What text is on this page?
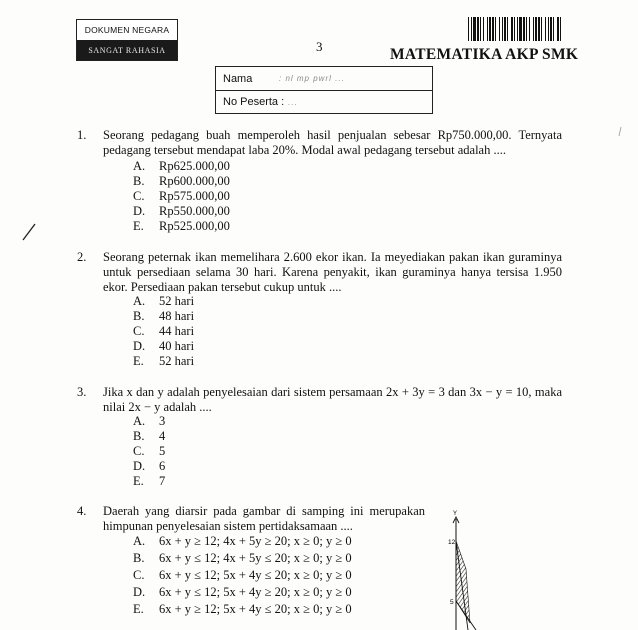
DOKUMEN NEGARA
SANGAT RAHASIA	3	MATEMATIKA AKP SMK
Nama	: nl mp pwrl ...
No Peserta : ...
1. Seorang pedagang buah memperoleh hasil penjualan sebesar Rp750.000,00. Ternyata pedagang tersebut mendapat laba 20%. Modal awal pedagang tersebut adalah ....
A. Rp625.000,00
B. Rp600.000,00
C. Rp575.000,00
D. Rp550.000,00
E. Rp525.000,00
2. Seorang peternak ikan memelihara 2.600 ekor ikan. Ia meyediakan pakan ikan guraminya untuk persediaan selama 30 hari. Karena penyakit, ikan guraminya hanya tersisa 1.950 ekor. Persediaan pakan tersebut cukup untuk ....
A. 52 hari
B. 48 hari
C. 44 hari
D. 40 hari
E. 52 hari
3. Jika x dan y adalah penyelesaian dari sistem persamaan 2x + 3y = 3 dan 3x − y = 10, maka nilai 2x − y adalah ....
A. 3
B. 4
C. 5
D. 6
E. 7
4. Daerah yang diarsir pada gambar di samping ini merupakan himpunan penyelesaian sistem pertidaksamaan ....
A. 6x + y ≥ 12; 4x + 5y ≥ 20; x ≥ 0; y ≥ 0
B. 6x + y ≤ 12; 4x + 5y ≤ 20; x ≥ 0; y ≥ 0
C. 6x + y ≤ 12; 5x + 4y ≤ 20; x ≥ 0; y ≥ 0
D. 6x + y ≤ 12; 5x + 4y ≥ 20; x ≥ 0; y ≥ 0
E. 6x + y ≥ 12; 5x + 4y ≤ 20; x ≥ 0; y ≥ 0
Y
12
5
